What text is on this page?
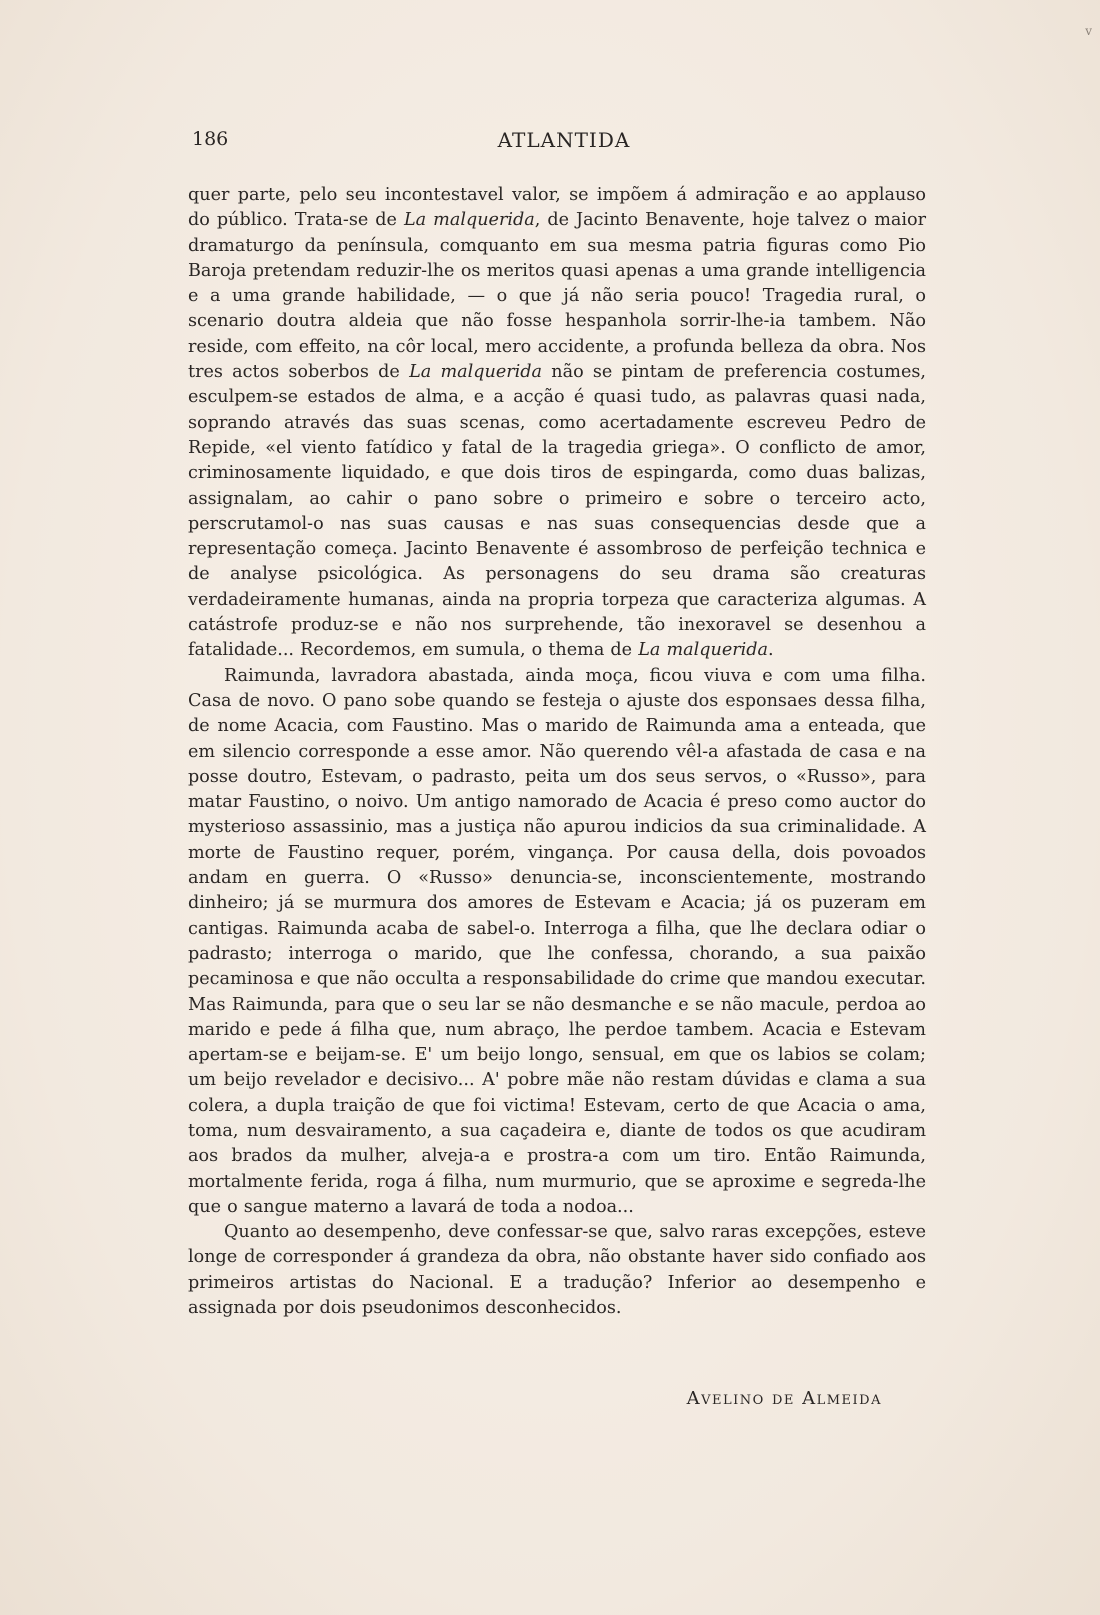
v
186	ATLANTIDA

quer parte, pelo seu incontestavel valor, se impõem á admiração e ao applauso do público. Trata-se de La malquerida, de Jacinto Benavente, hoje talvez o maior dramaturgo da península, comquanto em sua mesma patria figuras como Pio Baroja pretendam reduzir-lhe os meritos quasi apenas a uma grande intelligencia e a uma grande habilidade, — o que já não seria pouco! Tragedia rural, o scenario doutra aldeia que não fosse hespanhola sorrir-lhe-ia tambem. Não reside, com effeito, na côr local, mero accidente, a profunda belleza da obra. Nos tres actos soberbos de La malquerida não se pintam de preferencia costumes, esculpem-se estados de alma, e a acção é quasi tudo, as palavras quasi nada, soprando através das suas scenas, como acertadamente escreveu Pedro de Repide, «el viento fatídico y fatal de la tragedia griega». O conflicto de amor, criminosamente liquidado, e que dois tiros de espingarda, como duas balizas, assignalam, ao cahir o pano sobre o primeiro e sobre o terceiro acto, perscrutamol-o nas suas causas e nas suas consequencias desde que a representação começa. Jacinto Benavente é assombroso de perfeição technica e de analyse psicológica. As personagens do seu drama são creaturas verdadeiramente humanas, ainda na propria torpeza que caracteriza algumas. A catástrofe produz-se e não nos surprehende, tão inexoravel se desenhou a fatalidade... Recordemos, em sumula, o thema de La malquerida.

Raimunda, lavradora abastada, ainda moça, ficou viuva e com uma filha. Casa de novo. O pano sobe quando se festeja o ajuste dos esponsaes dessa filha, de nome Acacia, com Faustino. Mas o marido de Raimunda ama a enteada, que em silencio corresponde a esse amor. Não querendo vêl-a afastada de casa e na posse doutro, Estevam, o padrasto, peita um dos seus servos, o «Russo», para matar Faustino, o noivo. Um antigo namorado de Acacia é preso como auctor do mysterioso assassinio, mas a justiça não apurou indicios da sua criminalidade. A morte de Faustino requer, porém, vingança. Por causa della, dois povoados andam en guerra. O «Russo» denuncia-se, inconscientemente, mostrando dinheiro; já se murmura dos amores de Estevam e Acacia; já os puzeram em cantigas. Raimunda acaba de sabel-o. Interroga a filha, que lhe declara odiar o padrasto; interroga o marido, que lhe confessa, chorando, a sua paixão pecaminosa e que não occulta a responsabilidade do crime que mandou executar. Mas Raimunda, para que o seu lar se não desmanche e se não macule, perdoa ao marido e pede á filha que, num abraço, lhe perdoe tambem. Acacia e Estevam apertam-se e beijam-se. E' um beijo longo, sensual, em que os labios se colam; um beijo revelador e decisivo... A' pobre mãe não restam dúvidas e clama a sua colera, a dupla traição de que foi victima! Estevam, certo de que Acacia o ama, toma, num desvairamento, a sua caçadeira e, diante de todos os que acudiram aos brados da mulher, alveja-a e prostra-a com um tiro. Então Raimunda, mortalmente ferida, roga á filha, num murmurio, que se aproxime e segreda-lhe que o sangue materno a lavará de toda a nodoa...

Quanto ao desempenho, deve confessar-se que, salvo raras excepções, esteve longe de corresponder á grandeza da obra, não obstante haver sido confiado aos primeiros artistas do Nacional. E a tradução? Inferior ao desempenho e assignada por dois pseudonimos desconhecidos.

Avelino de Almeida
